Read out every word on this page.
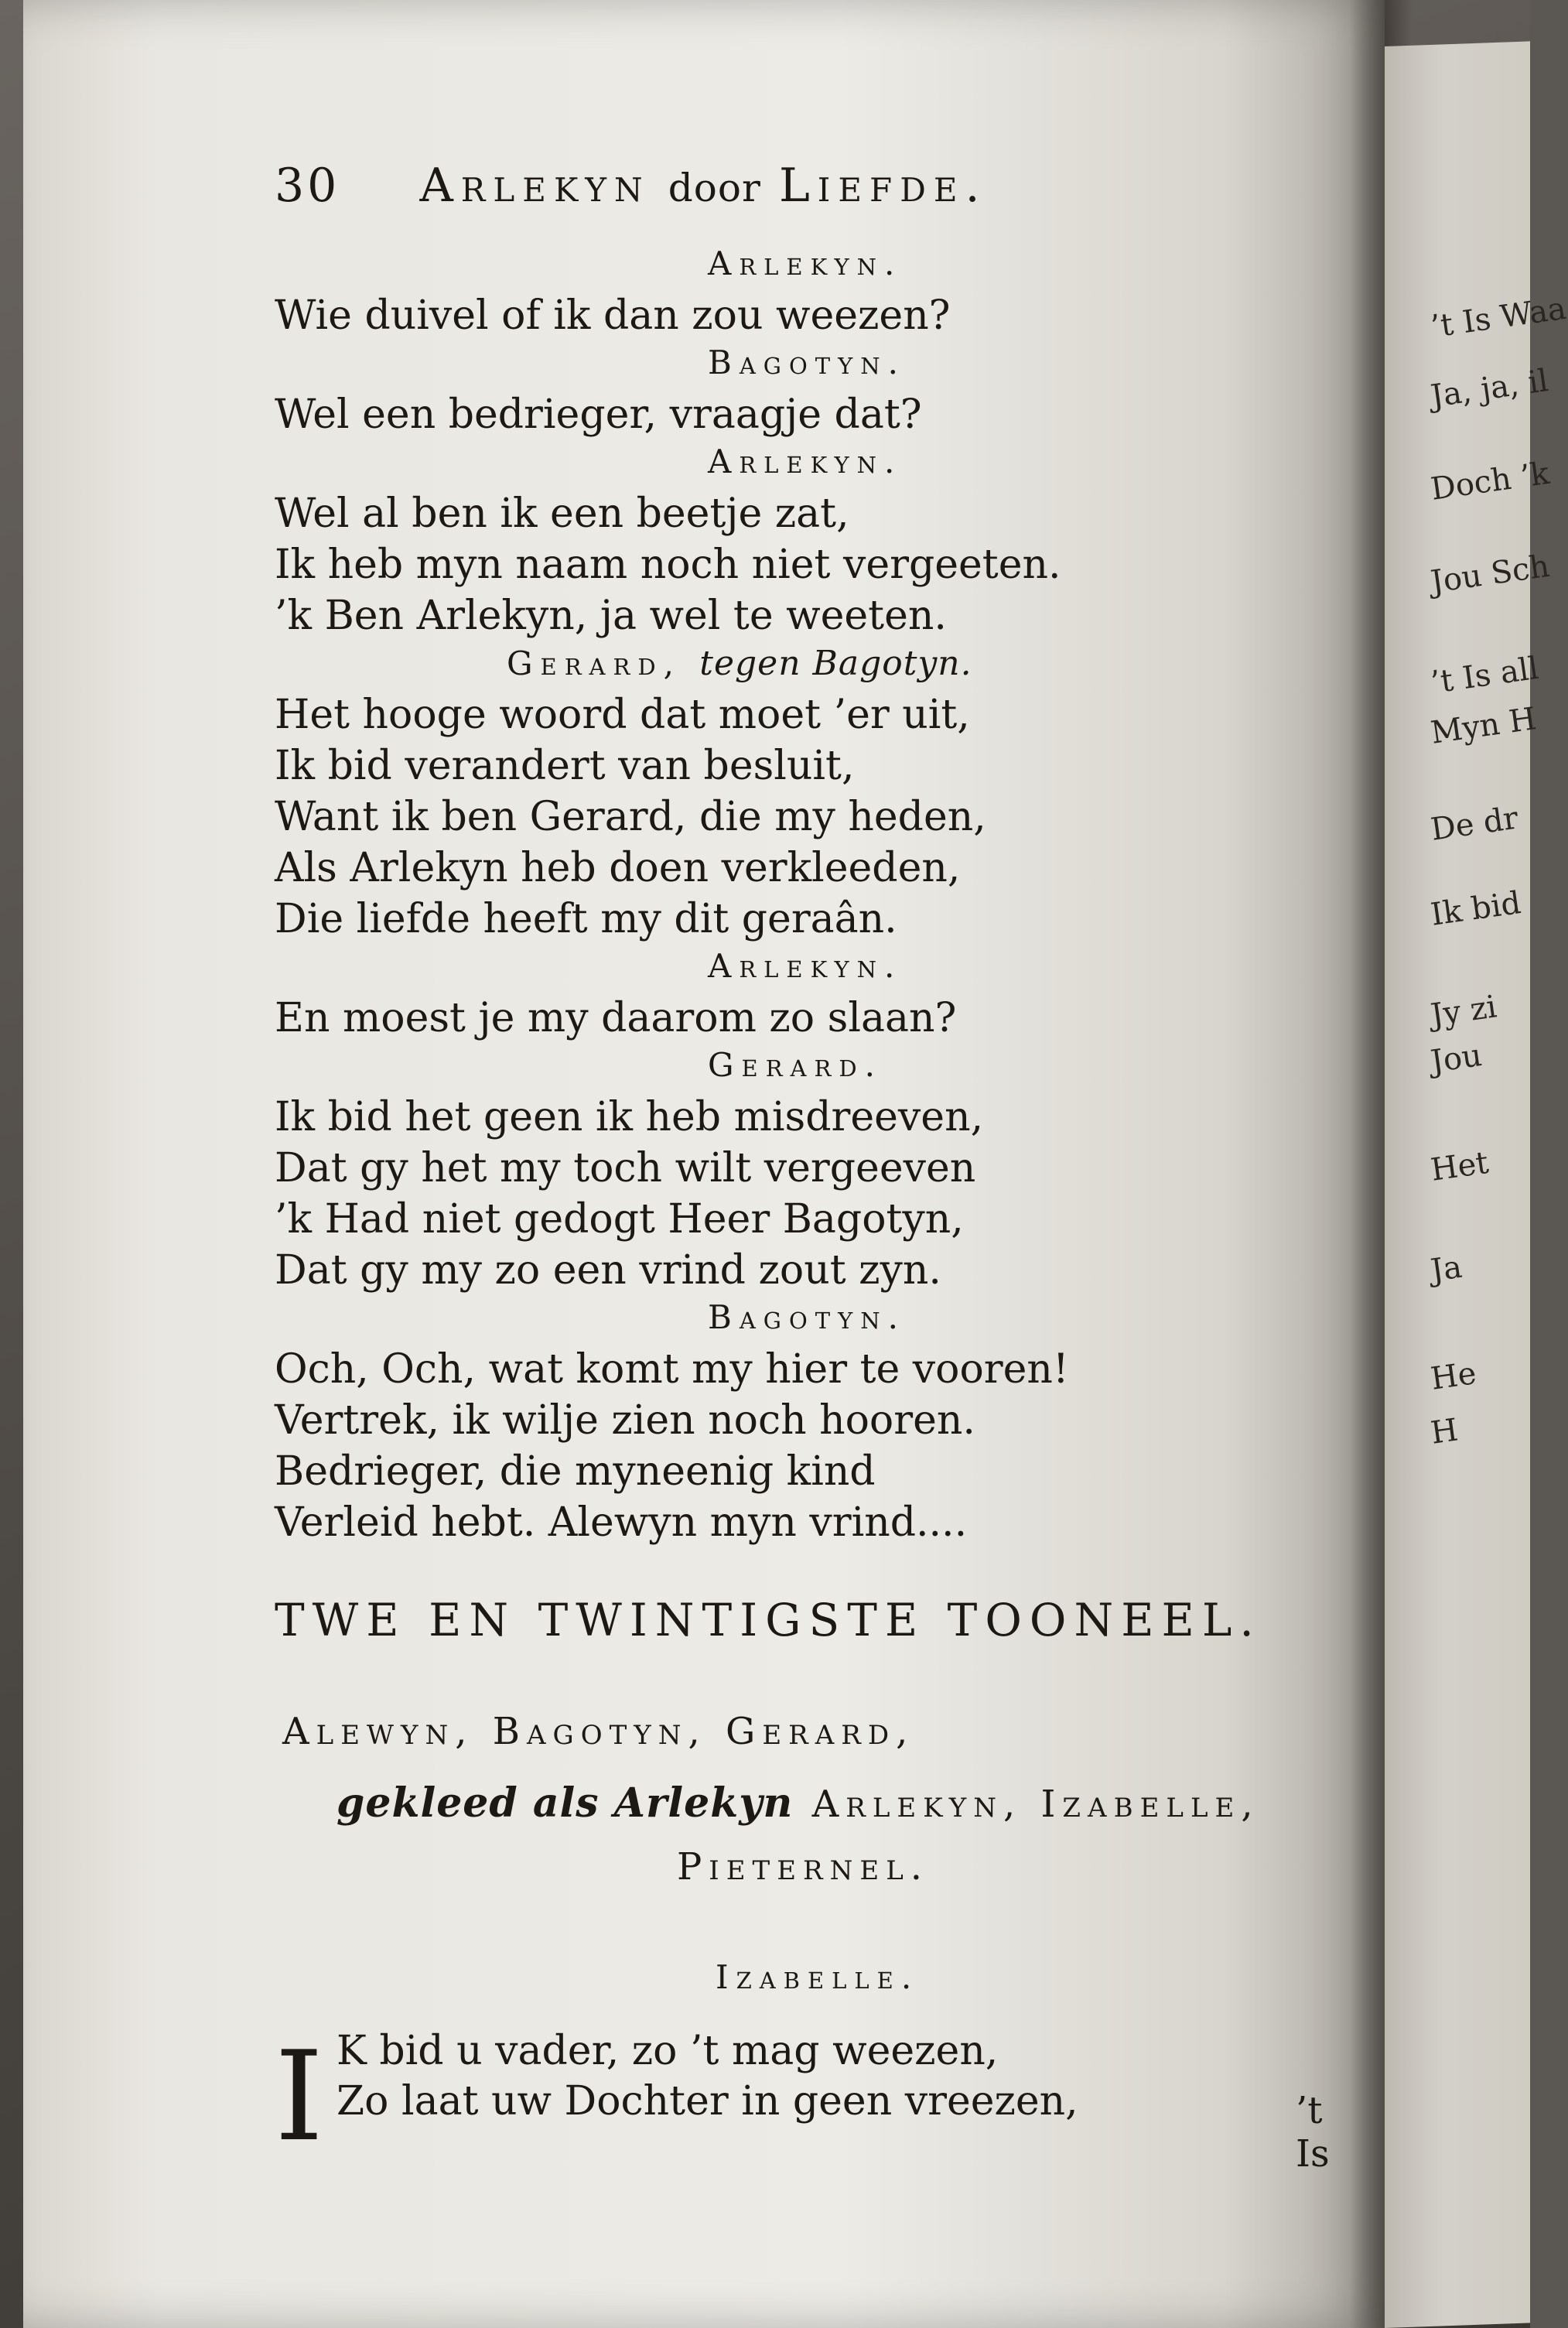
30 Arlekyn door Liefde.
Arlekyn.
Wie duivel of ik dan zou weezen?
Bagotyn.
Wel een bedrieger, vraagje dat?
Arlekyn.
Wel al ben ik een beetje zat,
Ik heb myn naam noch niet vergeeten.
’k Ben Arlekyn, ja wel te weeten.
Gerard, tegen Bagotyn.
Het hooge woord dat moet ’er uit,
Ik bid verandert van besluit,
Want ik ben Gerard, die my heden,
Als Arlekyn heb doen verkleeden,
Die liefde heeft my dit geraân.
Arlekyn.
En moest je my daarom zo slaan?
Gerard.
Ik bid het geen ik heb misdreeven,
Dat gy het my toch wilt vergeeven
’k Had niet gedogt Heer Bagotyn,
Dat gy my zo een vrind zout zyn.
Bagotyn.
Och, Och, wat komt my hier te vooren!
Vertrek, ik wilje zien noch hooren.
Bedrieger, die myneenig kind
Verleid hebt. Alewyn myn vrind....
TWE EN TWINTIGSTE TOONEEL.
Alewyn, Bagotyn, Gerard,
gekleed als Arlekyn Arlekyn, Izabelle,
Pieternel.
Izabelle.
I K bid u vader, zo ’t mag weezen,
Zo laat uw Dochter in geen vreezen,	’t Is
’t Is Waa
Ja, ja, il
Doch ’k
Jou Sch
’t Is all
Myn H
De dr
Ik bid
Jy zi
Jou
Het
Ja
He
H
